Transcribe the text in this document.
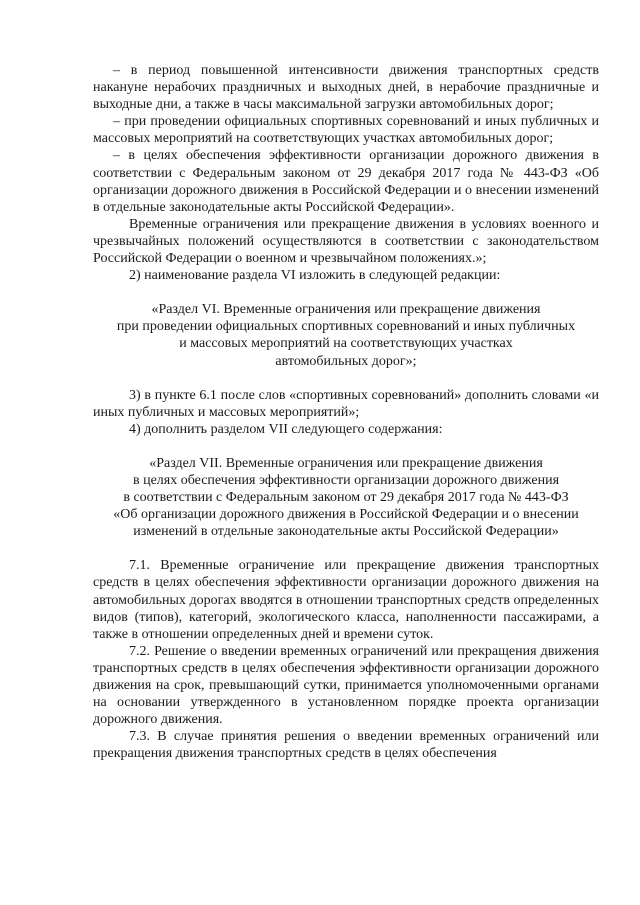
– в период повышенной интенсивности движения транспортных средств накануне нерабочих праздничных и выходных дней, в нерабочие праздничные и выходные дни, а также в часы максимальной загрузки автомобильных дорог;

– при проведении официальных спортивных соревнований и иных публичных и массовых мероприятий на соответствующих участках автомобильных дорог;

– в целях обеспечения эффективности организации дорожного движения в соответствии с Федеральным законом от 29 декабря 2017 года № 443-ФЗ «Об организации дорожного движения в Российской Федерации и о внесении изменений в отдельные законодательные акты Российской Федерации».

Временные ограничения или прекращение движения в условиях военного и чрезвычайных положений осуществляются в соответствии с законодательством Российской Федерации о военном и чрезвычайном положениях.»;

2) наименование раздела VI изложить в следующей редакции:

«Раздел VI. Временные ограничения или прекращение движения

при проведении официальных спортивных соревнований и иных публичных

и массовых мероприятий на соответствующих участках

автомобильных дорог»;

3) в пункте 6.1 после слов «спортивных соревнований» дополнить словами «и иных публичных и массовых мероприятий»;

4) дополнить разделом VII следующего содержания:

«Раздел VII. Временные ограничения или прекращение движения

в целях обеспечения эффективности организации дорожного движения

в соответствии с Федеральным законом от 29 декабря 2017 года № 443-ФЗ

«Об организации дорожного движения в Российской Федерации и о внесении

изменений в отдельные законодательные акты Российской Федерации»

7.1. Временные ограничение или прекращение движения транспортных средств в целях обеспечения эффективности организации дорожного движения на автомобильных дорогах вводятся в отношении транспортных средств определенных видов (типов), категорий, экологического класса, наполненности пассажирами, а также в отношении определенных дней и времени суток.

7.2. Решение о введении временных ограничений или прекращения движения транспортных средств в целях обеспечения эффективности организации дорожного движения на срок, превышающий сутки, принимается уполномоченными органами на основании утвержденного в установленном порядке проекта организации дорожного движения.

7.3. В случае принятия решения о введении временных ограничений или прекращения движения транспортных средств в целях обеспечения
